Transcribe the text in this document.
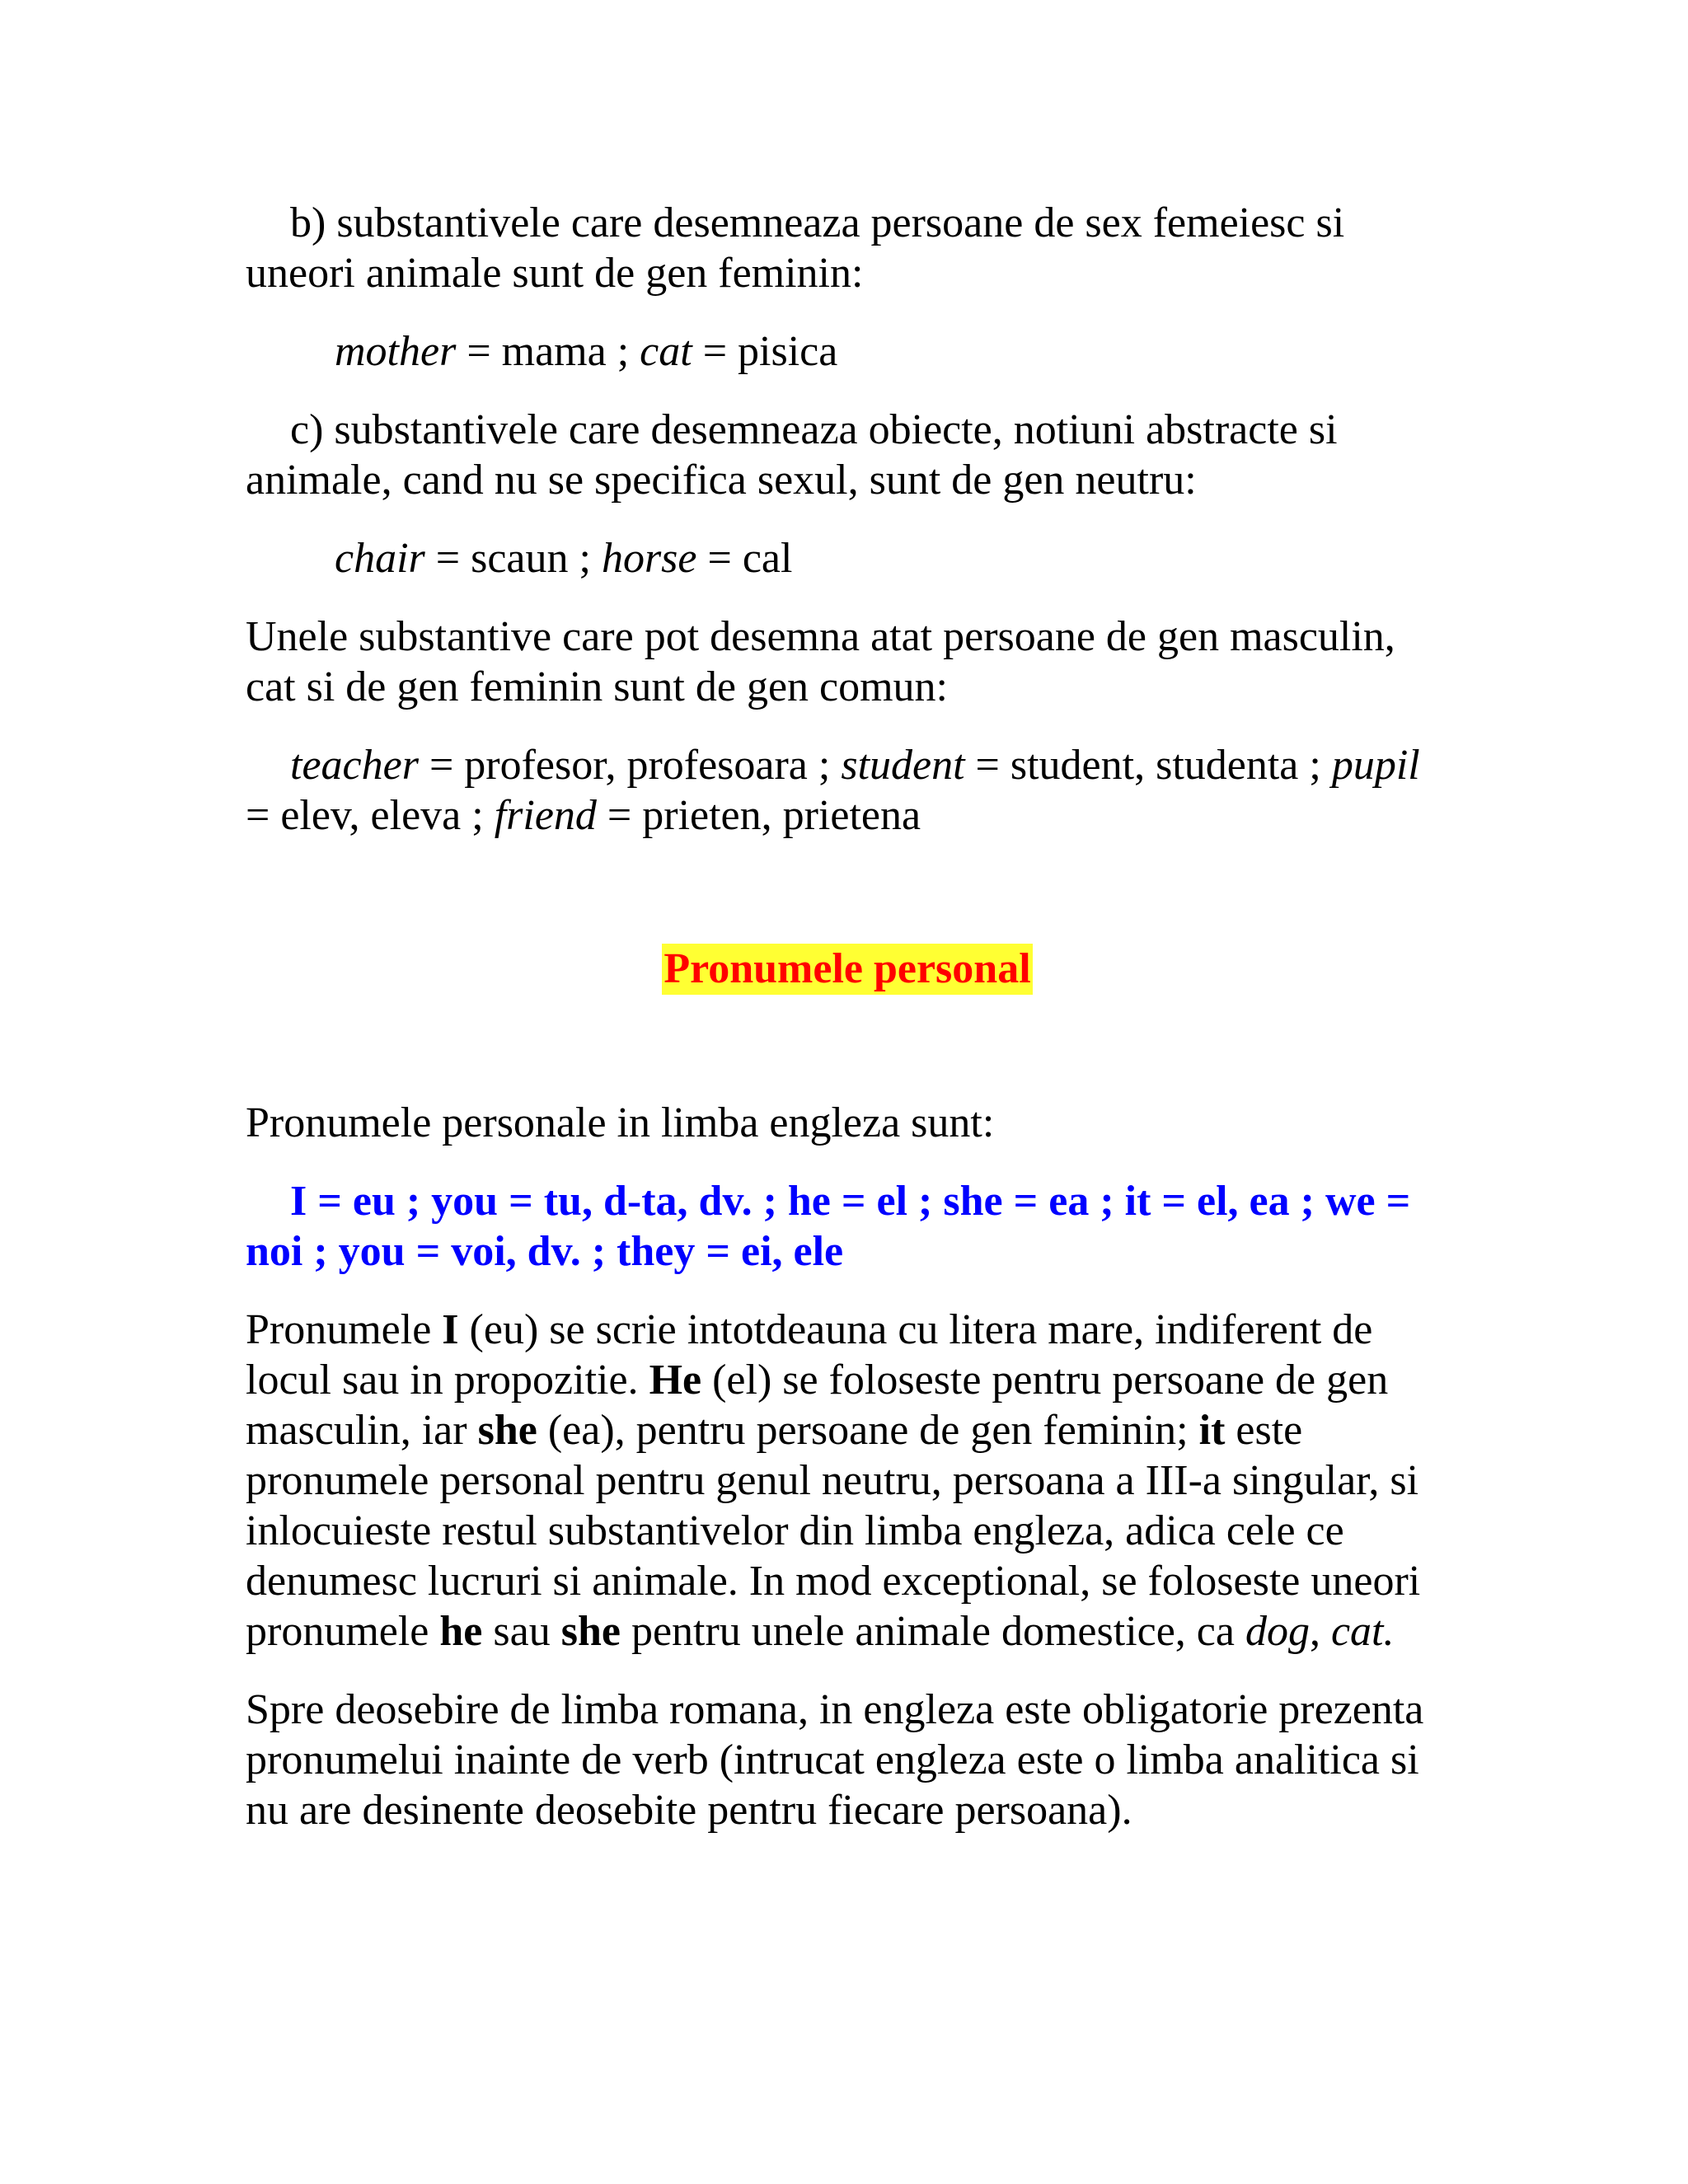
b) substantivele care desemneaza persoane de sex femeiesc si uneori animale sunt de gen feminin:

mother = mama ; cat = pisica

c) substantivele care desemneaza obiecte, notiuni abstracte si animale, cand nu se specifica sexul, sunt de gen neutru:

chair = scaun ; horse = cal

Unele substantive care pot desemna atat persoane de gen masculin, cat si de gen feminin sunt de gen comun:

teacher = profesor, profesoara ; student = student, studenta ; pupil = elev, eleva ; friend = prieten, prietena

Pronumele personal

Pronumele personale in limba engleza sunt:

I = eu ; you = tu, d-ta, dv. ; he = el ; she = ea ; it = el, ea ; we = noi ; you = voi, dv. ; they = ei, ele

Pronumele I (eu) se scrie intotdeauna cu litera mare, indiferent de locul sau in propozitie. He (el) se foloseste pentru persoane de gen masculin, iar she (ea), pentru persoane de gen feminin; it este pronumele personal pentru genul neutru, persoana a III-a singular, si inlocuieste restul substantivelor din limba engleza, adica cele ce denumesc lucruri si animale. In mod exceptional, se foloseste uneori pronumele he sau she pentru unele animale domestice, ca dog, cat.

Spre deosebire de limba romana, in engleza este obligatorie prezenta pronumelui inainte de verb (intrucat engleza este o limba analitica si nu are desinente deosebite pentru fiecare persoana).
